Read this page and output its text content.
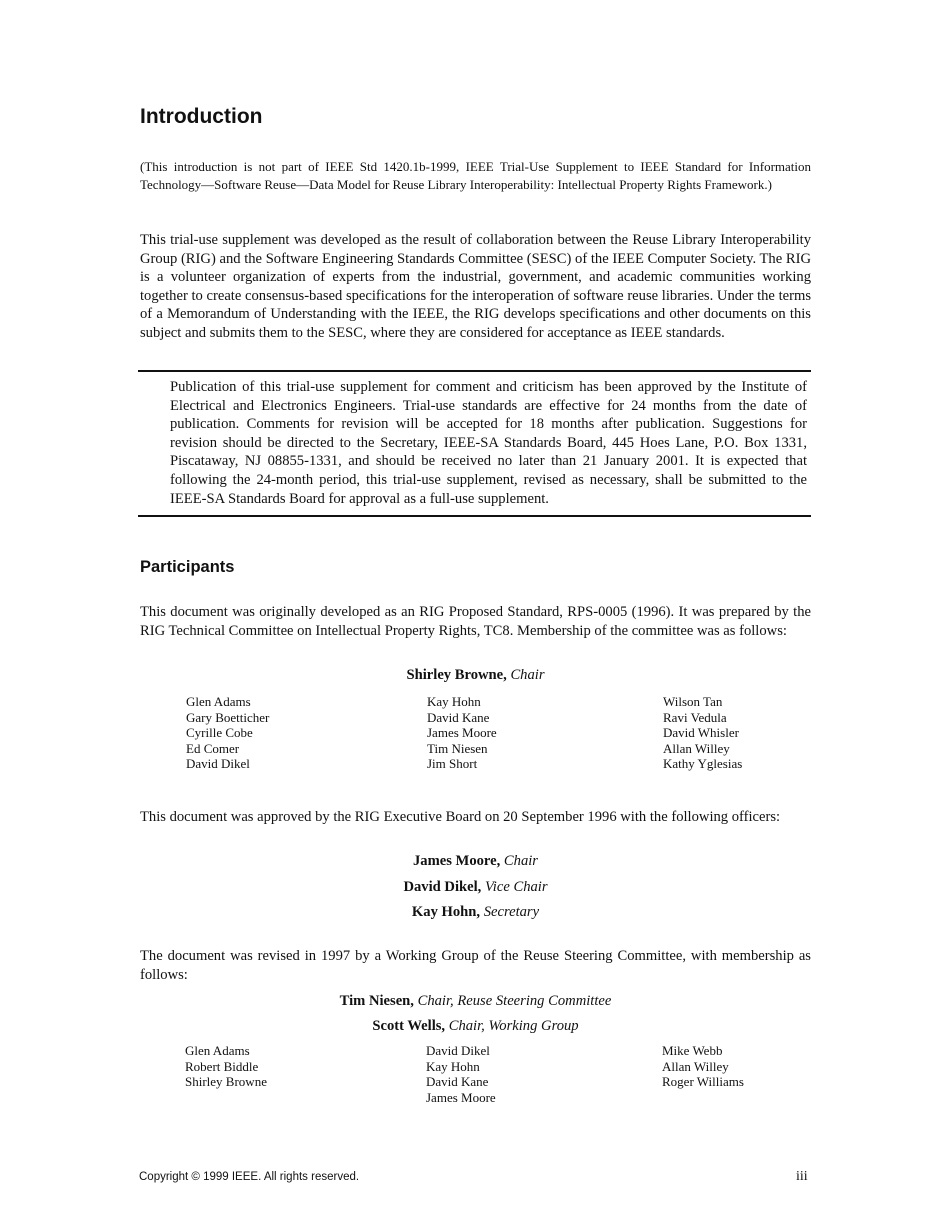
Introduction

(This introduction is not part of IEEE Std 1420.1b-1999, IEEE Trial-Use Supplement to IEEE Standard for Information Technology—Software Reuse—Data Model for Reuse Library Interoperability: Intellectual Property Rights Framework.)

This trial-use supplement was developed as the result of collaboration between the Reuse Library Interoperability Group (RIG) and the Software Engineering Standards Committee (SESC) of the IEEE Computer Society. The RIG is a volunteer organization of experts from the industrial, government, and academic communities working together to create consensus-based specifications for the interoperation of software reuse libraries. Under the terms of a Memorandum of Understanding with the IEEE, the RIG develops specifications and other documents on this subject and submits them to the SESC, where they are considered for acceptance as IEEE standards.

Publication of this trial-use supplement for comment and criticism has been approved by the Institute of Electrical and Electronics Engineers. Trial-use standards are effective for 24 months from the date of publication. Comments for revision will be accepted for 18 months after publication. Suggestions for revision should be directed to the Secretary, IEEE-SA Standards Board, 445 Hoes Lane, P.O. Box 1331, Piscataway, NJ 08855-1331, and should be received no later than 21 January 2001. It is expected that following the 24-month period, this trial-use supplement, revised as necessary, shall be submitted to the IEEE-SA Standards Board for approval as a full-use supplement.

Participants

This document was originally developed as an RIG Proposed Standard, RPS-0005 (1996). It was prepared by the RIG Technical Committee on Intellectual Property Rights, TC8. Membership of the committee was as follows:

Shirley Browne, Chair
Glen Adams
Gary Boetticher
Cyrille Cobe
Ed Comer
David Dikel
Kay Hohn
David Kane
James Moore
Tim Niesen
Jim Short
Wilson Tan
Ravi Vedula
David Whisler
Allan Willey
Kathy Yglesias

This document was approved by the RIG Executive Board on 20 September 1996 with the following officers:

James Moore, Chair
David Dikel, Vice Chair
Kay Hohn, Secretary

The document was revised in 1997 by a Working Group of the Reuse Steering Committee, with membership as follows:

Tim Niesen, Chair, Reuse Steering Committee
Scott Wells, Chair, Working Group
Glen Adams
Robert Biddle
Shirley Browne
David Dikel
Kay Hohn
David Kane
James Moore
Mike Webb
Allan Willey
Roger Williams
Copyright © 1999 IEEE. All rights reserved.	iii
